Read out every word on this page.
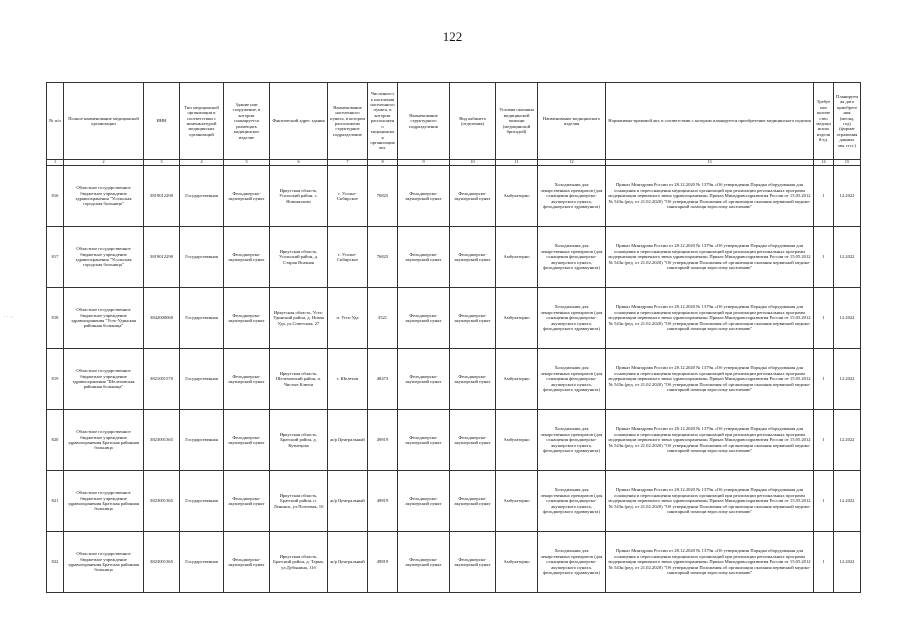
122
· · .·
№ п/п	Полное наименование медицинской организации	ИНН	Тип медицинской организации в соответствии с номенклатурой медицинских организаций	Здание или сооружение, в котором планируется размещать медицинское изделие	Фактический адрес здания	Наименование населенного пункта, в котором расположено структурное подразделение	Численность населения населенного пункта, в котором расположено медицинская организация чел.	Наименование структурного подразделения	Вид кабинета (отделения)	Условия оказания медицинской помощи (медицинской бригадой)	Наименование медицинского изделия	Нормативно-правовой акт, в соответствии с которым планируется приобретение медицинского изделия	Требуемое количество медицинских изделий ед.	Планируемая дата приобретения (месяц, год) (формат отражения данных мм. гггг.)
1	2	3	4	5	6	7	8	9	10	11	12	13	14	15
816	Областное государственное бюджетное учреждение здравоохранения "Усольская городская больница"	3819012290	Государственная	Фельдшерско-акушерский пункт	Иркутская область, Усольский район, с. Новожилово	г. Усолье-Сибирское	76825	Фельдшерско-акушерский пункт	Фельдшерско-акушерский пункт	Амбулаторно	Холодильник для лекарственных препаратов (для оснащения фельдшерско-акушерского пункта, фельдшерского здравпункта)	Приказ Минздрава России от 28.12.2020 № 1379н «Об утверждении Порядка оборудования для оснащения и переоснащения медицинских организаций при реализации региональных программ модернизации первичного звена здравоохранения» Приказ Минздравсоцразвития России от 15.05.2012 № 543н (ред. от 21.02.2020) "Об утверждении Положения об организации оказания первичной медико-санитарной помощи взрослому населению"	1	12.2022
817	Областное государственное бюджетное учреждение здравоохранения "Усольская городская больница"	3819012290	Государственная	Фельдшерско-акушерский пункт	Иркутская область, Усольский район, д. Старая Ясачная	г. Усолье-Сибирское	76825	Фельдшерско-акушерский пункт	Фельдшерско-акушерский пункт	Амбулаторно	Холодильник для лекарственных препаратов (для оснащения фельдшерско-акушерского пункта, фельдшерского здравпункта)	Приказ Минздрава России от 28.12.2020 № 1379н «Об утверждении Порядка оборудования для оснащения и переоснащения медицинских организаций при реализации региональных программ модернизации первичного звена здравоохранения» Приказ Минздравсоцразвития России от 15.05.2012 № 543н (ред. от 21.02.2020) "Об утверждении Положения об организации оказания первичной медико-санитарной помощи взрослому населению"	1	12.2022
818	Областное государственное бюджетное учреждение здравоохранения "Усть-Удинская районная больница"	3842000060	Государственная	Фельдшерско-акушерский пункт	Иркутская область, Усть-Удинский район, д. Новая Уда, ул.Советская, 27	п. Усть-Уда	3521	Фельдшерско-акушерский пункт	Фельдшерско-акушерский пункт	Амбулаторно	Холодильник для лекарственных препаратов (для оснащения фельдшерско-акушерского пункта, фельдшерского здравпункта)	Приказ Минздрава России от 28.12.2020 № 1379н «Об утверждении Порядка оборудования для оснащения и переоснащения медицинских организаций при реализации региональных программ модернизации первичного звена здравоохранения» Приказ Минздравсоцразвития России от 15.05.2012 № 543н (ред. от 21.02.2020) "Об утверждении Положения об организации оказания первичной медико-санитарной помощи взрослому населению"	1	12.2022
819	Областное государственное бюджетное учреждение здравоохранения "Шелеховская районная больница"	3821001570	Государственная	Фельдшерско-акушерский пункт	Иркутская область, Шелеховский район, п. Чистые Ключи	г. Шелехов	48473	Фельдшерско-акушерский пункт	Фельдшерско-акушерский пункт	Амбулаторно	Холодильник для лекарственных препаратов (для оснащения фельдшерско-акушерского пункта, фельдшерского здравпункта)	Приказ Минздрава России от 28.12.2020 № 1379н «Об утверждении Порядка оборудования для оснащения и переоснащения медицинских организаций при реализации региональных программ модернизации первичного звена здравоохранения» Приказ Минздравсоцразвития России от 15.05.2012 № 543н (ред. от 21.02.2020) "Об утверждении Положения об организации оказания первичной медико-санитарной помощи взрослому населению"	1	12.2022
820	Областное государственное бюджетное учреждение здравоохранения Братская районная больница	3823001365	Государственная	Фельдшерско-акушерский пункт	Иркутская область, Братский район, д. Кузнецова	ж/р Центральный	49819	Фельдшерско-акушерский пункт	Фельдшерско-акушерский пункт	Амбулаторно	Холодильник для лекарственных препаратов (для оснащения фельдшерско-акушерского пункта, фельдшерского здравпункта)	Приказ Минздрава России от 28.12.2020 № 1379н «Об утверждении Порядка оборудования для оснащения и переоснащения медицинских организаций при реализации региональных программ модернизации первичного звена здравоохранения» Приказ Минздравсоцразвития России от 15.05.2012 № 543н (ред. от 21.02.2020) "Об утверждении Положения об организации оказания первичной медико-санитарной помощи взрослому населению"	1	12.2022
821	Областное государственное бюджетное учреждение здравоохранения Братская районная больница	3823001365	Государственная	Фельдшерско-акушерский пункт	Иркутская область, Братский район, п. Ленинск, ул.Почтовая, 10	ж/р Центральный	49819	Фельдшерско-акушерский пункт	Фельдшерско-акушерский пункт	Амбулаторно	Холодильник для лекарственных препаратов (для оснащения фельдшерско-акушерского пункта, фельдшерского здравпункта)	Приказ Минздрава России от 28.12.2020 № 1379н «Об утверждении Порядка оборудования для оснащения и переоснащения медицинских организаций при реализации региональных программ модернизации первичного звена здравоохранения» Приказ Минздравсоцразвития России от 15.05.2012 № 543н (ред. от 21.02.2020) "Об утверждении Положения об организации оказания первичной медико-санитарной помощи взрослому населению"	1	12.2022
822	Областное государственное бюджетное учреждение здравоохранения Братская районная больница	3823001365	Государственная	Фельдшерско-акушерский пункт	Иркутская область, Братский район, д. Тарма, ул.Дубынина, 11б	ж/р Центральный	49819	Фельдшерско-акушерский пункт	Фельдшерско-акушерский пункт	Амбулаторно	Холодильник для лекарственных препаратов (для оснащения фельдшерско-акушерского пункта, фельдшерского здравпункта)	Приказ Минздрава России от 28.12.2020 № 1379н «Об утверждении Порядка оборудования для оснащения и переоснащения медицинских организаций при реализации региональных программ модернизации первичного звена здравоохранения» Приказ Минздравсоцразвития России от 15.05.2012 № 543н (ред. от 21.02.2020) "Об утверждении Положения об организации оказания первичной медико-санитарной помощи взрослому населению"	1	12.2022
